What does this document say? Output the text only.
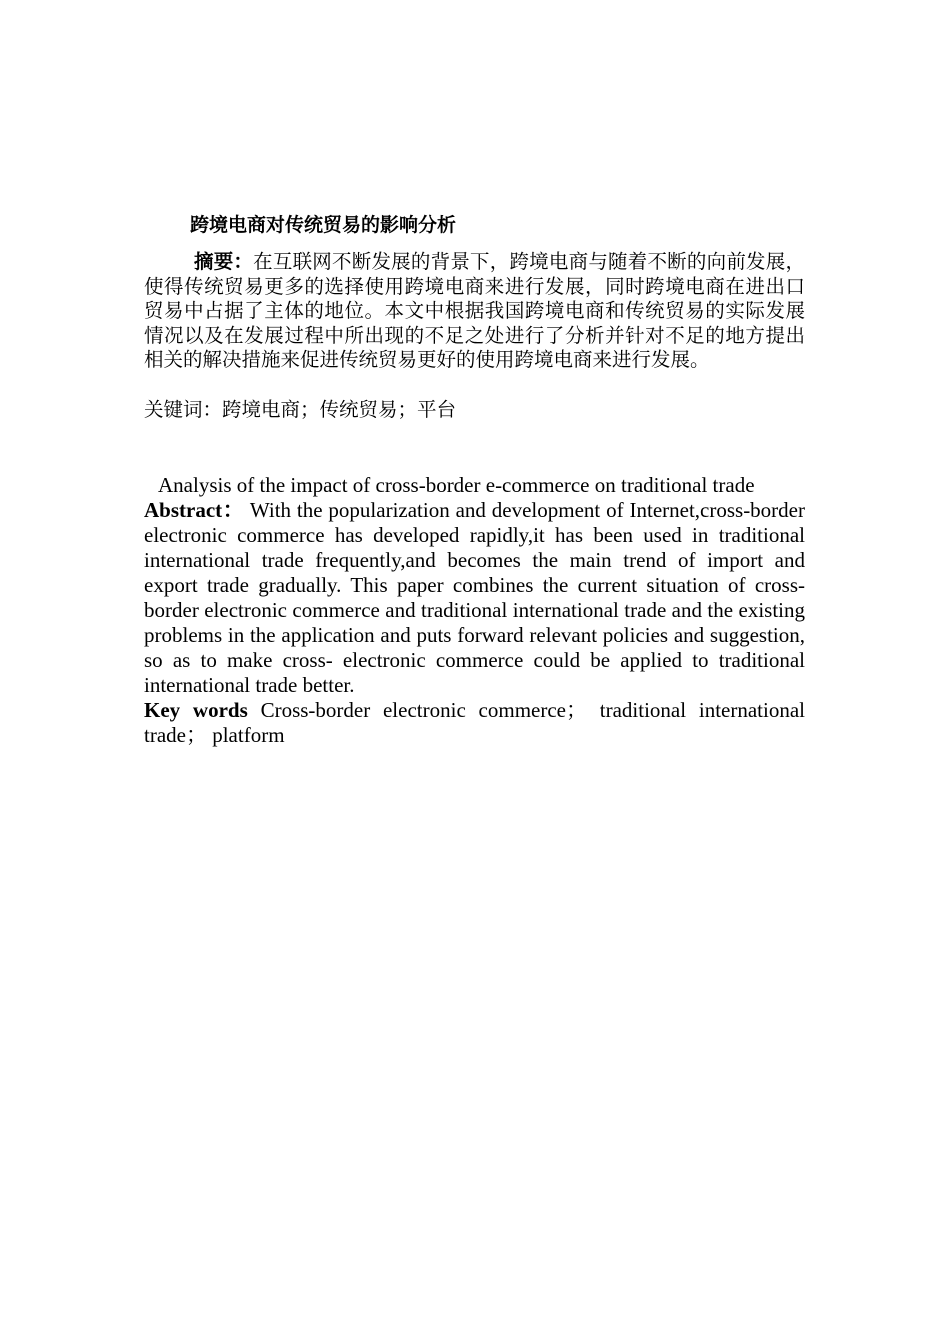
跨境电商对传统贸易的影响分析

摘要：在互联网不断发展的背景下，跨境电商与随着不断的向前发展，使得传统贸易更多的选择使用跨境电商来进行发展，同时跨境电商在进出口贸易中占据了主体的地位。本文中根据我国跨境电商和传统贸易的实际发展情况以及在发展过程中所出现的不足之处进行了分析并针对不足的地方提出相关的解决措施来促进传统贸易更好的使用跨境电商来进行发展。

关键词：跨境电商；传统贸易；平台

Analysis of the impact of cross-border e-commerce on traditional trade

Abstract： With the popularization and development of Internet,cross-border electronic commerce has developed rapidly,it has been used in traditional international trade frequently,and becomes the main trend of import and export trade gradually. This paper combines the current situation of cross-border electronic commerce and traditional international trade and the existing problems in the application and puts forward relevant policies and suggestion, so as to make cross- electronic commerce could be applied to traditional international trade better.

Key words Cross-border electronic commerce； traditional international trade； platform
